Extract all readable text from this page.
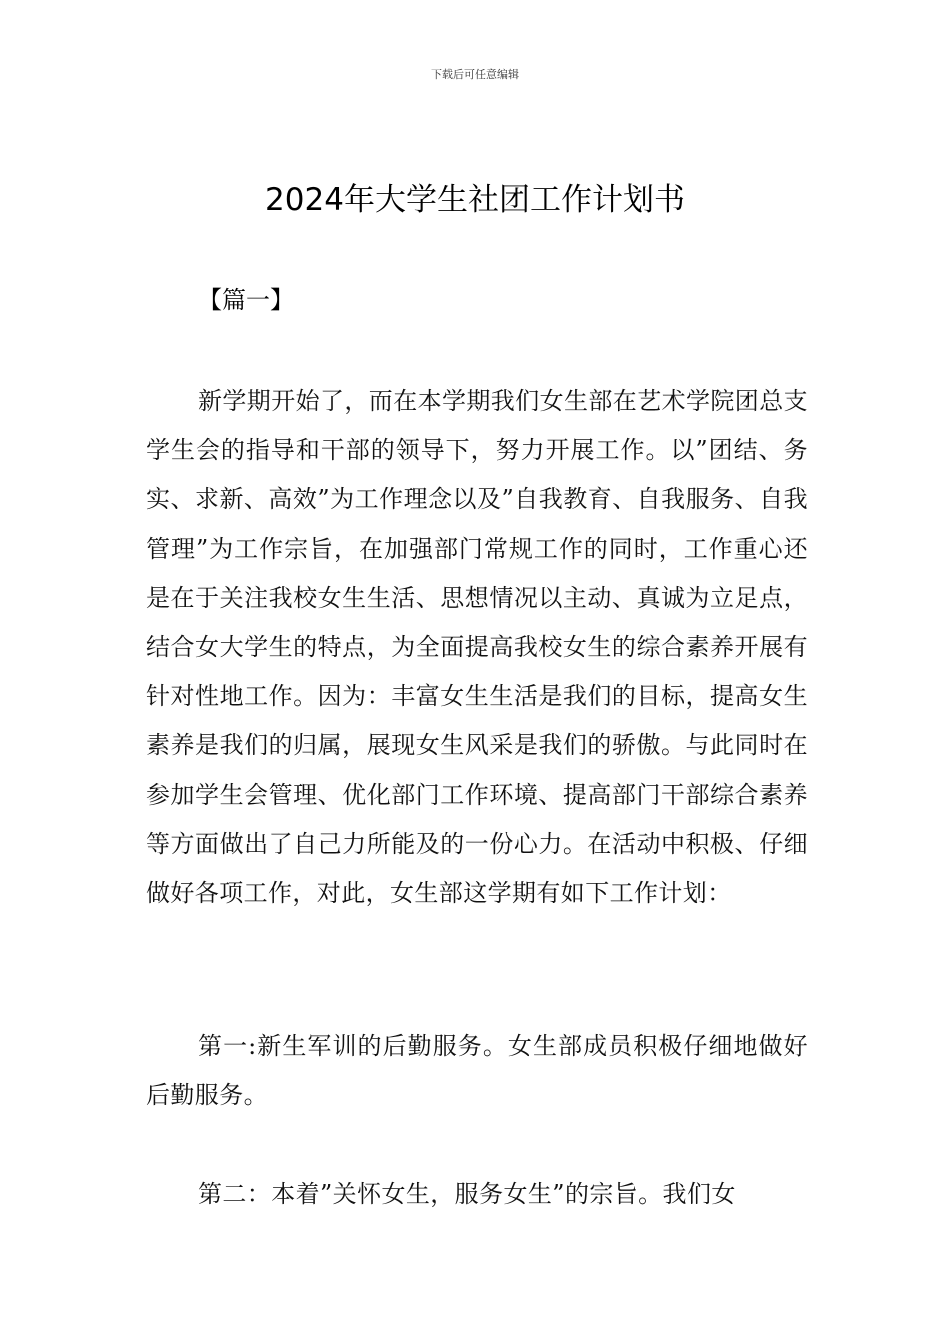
下载后可任意编辑
2024年大学生社团工作计划书
【篇一】

新学期开始了，而在本学期我们女生部在艺术学院团总支学生会的指导和干部的领导下，努力开展工作。以”团结、务实、求新、高效”为工作理念以及”自我教育、自我服务、自我管理”为工作宗旨，在加强部门常规工作的同时，工作重心还是在于关注我校女生生活、思想情况以主动、真诚为立足点，结合女大学生的特点，为全面提高我校女生的综合素养开展有针对性地工作。因为：丰富女生生活是我们的目标，提高女生素养是我们的归属，展现女生风采是我们的骄傲。与此同时在参加学生会管理、优化部门工作环境、提高部门干部综合素养等方面做出了自己力所能及的一份心力。在活动中积极、仔细做好各项工作，对此，女生部这学期有如下工作计划：

第一:新生军训的后勤服务。女生部成员积极仔细地做好后勤服务。

第二：本着”关怀女生，服务女生”的宗旨。我们女
